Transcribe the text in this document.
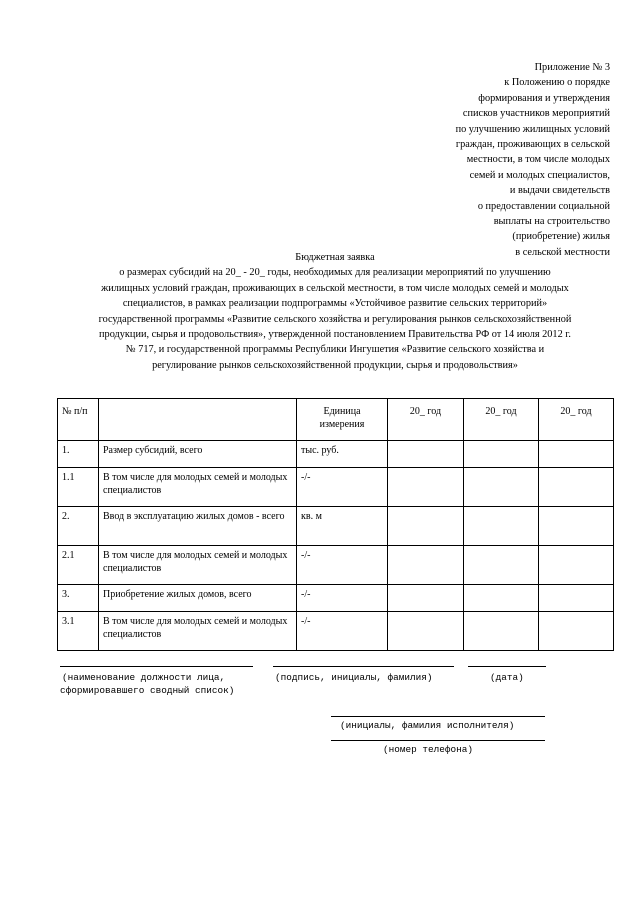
Приложение № 3
к Положению о порядке
формирования и утверждения
списков участников мероприятий
по улучшению жилищных условий
граждан, проживающих в сельской
местности, в том числе молодых
семей и молодых специалистов,
и выдачи свидетельств
о предоставлении социальной
выплаты на строительство
(приобретение) жилья
в сельской местности
Бюджетная заявка
о размерах субсидий на 20_ - 20_ годы, необходимых для реализации мероприятий по улучшению
жилищных условий граждан, проживающих в сельской местности, в том числе молодых семей и молодых
специалистов, в рамках реализации подпрограммы «Устойчивое развитие сельских территорий»
государственной программы «Развитие сельского хозяйства и регулирования рынков сельскохозяйственной
продукции, сырья и продовольствия», утвержденной постановлением Правительства РФ от 14 июля 2012 г.
№ 717, и государственной программы Республики Ингушетия «Развитие сельского хозяйства и
регулирование рынков сельскохозяйственной продукции, сырья и продовольствия»
№ п/п		Единица измерения	20_ год	20_ год	20_ год
1.	Размер субсидий, всего	тыс. руб.			
1.1	В том числе для молодых семей и молодых специалистов	-/-			
2.	Ввод в эксплуатацию жилых домов - всего	кв. м			
2.1	В том числе для молодых семей и молодых специалистов	-/-			
3.	Приобретение жилых домов, всего	-/-			
3.1	В том числе для молодых семей и молодых специалистов	-/-			
(наименование должности лица,
сформировавшего сводный список)
(подпись, инициалы, фамилия)	(дата)
(инициалы, фамилия исполнителя)
(номер телефона)
